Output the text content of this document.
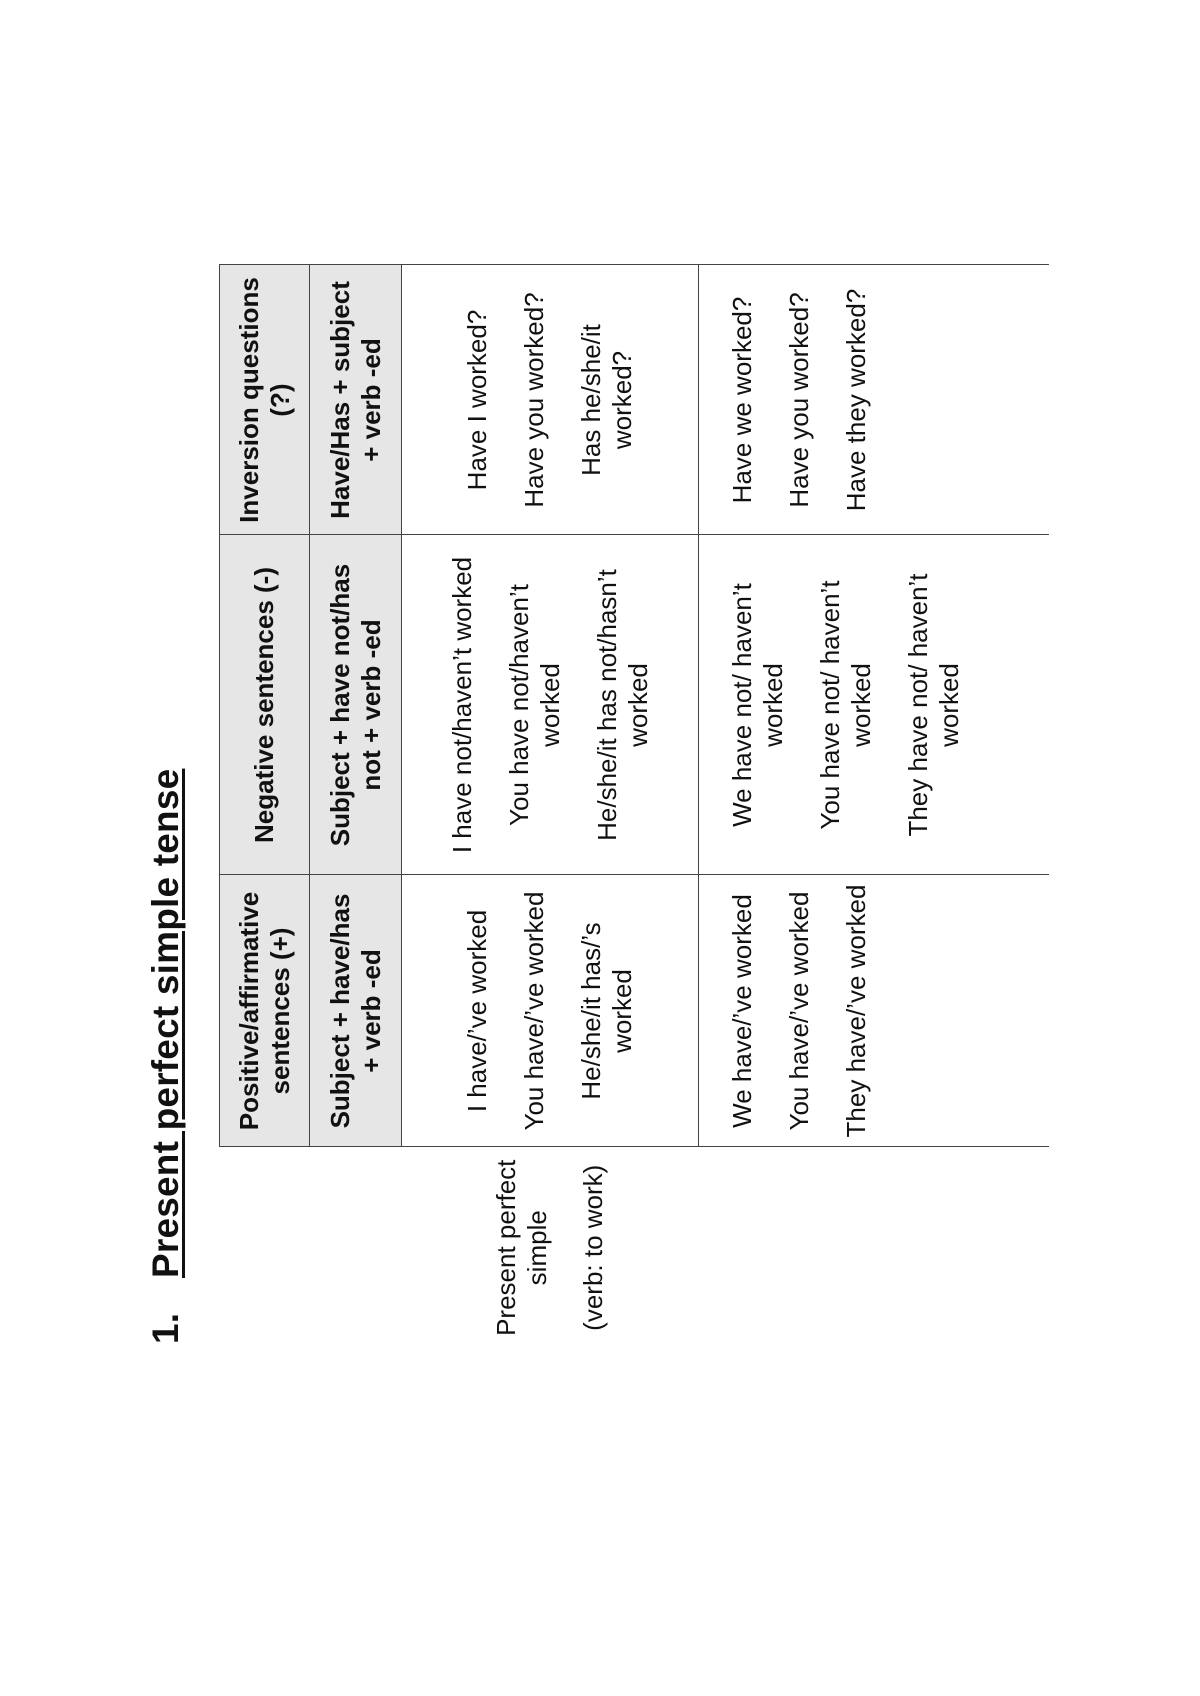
1.Present perfect simple tense
	Positive/affirmative sentences (+)	Negative sentences (-)	Inversion questions (?)
	Subject + have/has + verb -ed	Subject + have not/has not + verb -ed	Have/Has + subject + verb -ed

Present perfect simple (verb: to work)	I have/’ve worked You have/’ve worked He/she/it has/’s worked	I have not/haven’t worked You have not/haven’t worked He/she/it has not/hasn’t worked	Have I worked? Have you worked? Has he/she/it worked?

	We have/’ve worked You have/’ve worked They have/’ve worked	We have not/ haven’t worked You have not/ haven’t worked They have not/ haven’t worked	Have we worked? Have you worked? Have they worked?
